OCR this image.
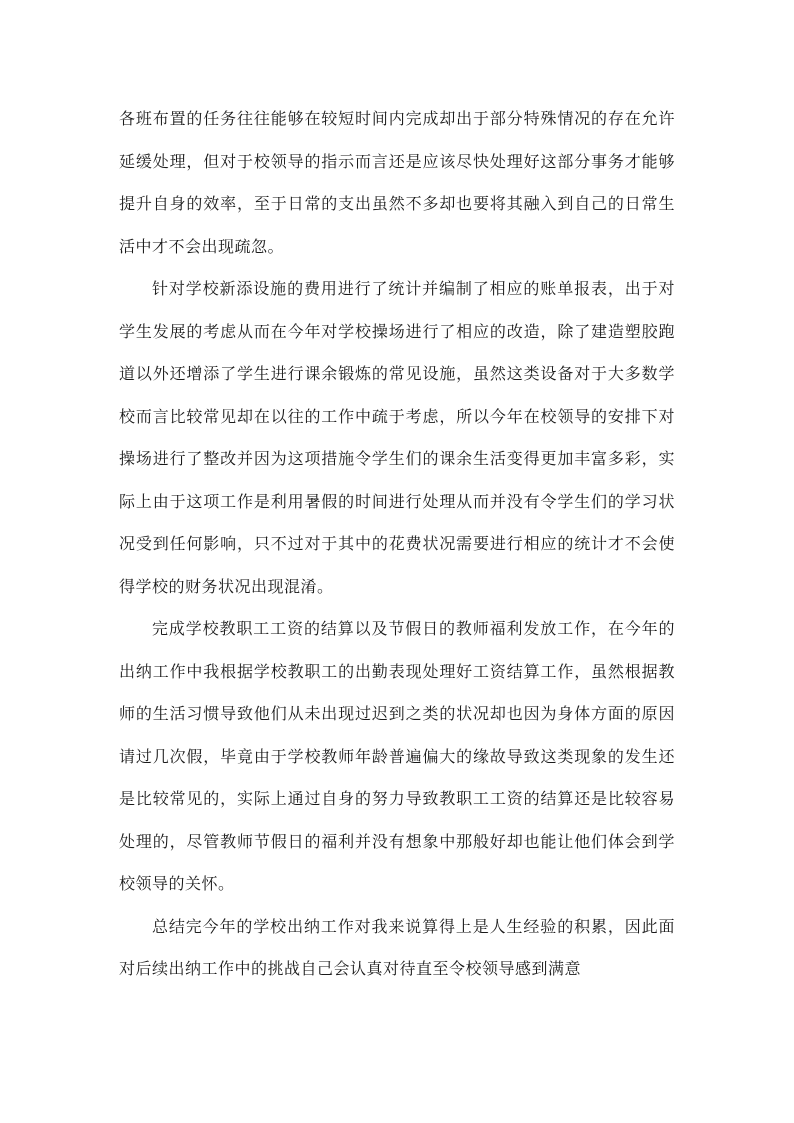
各班布置的任务往往能够在较短时间内完成却出于部分特殊情况的存在允许延缓处理，但对于校领导的指示而言还是应该尽快处理好这部分事务才能够提升自身的效率，至于日常的支出虽然不多却也要将其融入到自己的日常生活中才不会出现疏忽。

针对学校新添设施的费用进行了统计并编制了相应的账单报表，出于对学生发展的考虑从而在今年对学校操场进行了相应的改造，除了建造塑胶跑道以外还增添了学生进行课余锻炼的常见设施，虽然这类设备对于大多数学校而言比较常见却在以往的工作中疏于考虑，所以今年在校领导的安排下对操场进行了整改并因为这项措施令学生们的课余生活变得更加丰富多彩，实际上由于这项工作是利用暑假的时间进行处理从而并没有令学生们的学习状况受到任何影响，只不过对于其中的花费状况需要进行相应的统计才不会使得学校的财务状况出现混淆。

完成学校教职工工资的结算以及节假日的教师福利发放工作，在今年的出纳工作中我根据学校教职工的出勤表现处理好工资结算工作，虽然根据教师的生活习惯导致他们从未出现过迟到之类的状况却也因为身体方面的原因请过几次假，毕竟由于学校教师年龄普遍偏大的缘故导致这类现象的发生还是比较常见的，实际上通过自身的努力导致教职工工资的结算还是比较容易处理的，尽管教师节假日的福利并没有想象中那般好却也能让他们体会到学校领导的关怀。

总结完今年的学校出纳工作对我来说算得上是人生经验的积累，因此面对后续出纳工作中的挑战自己会认真对待直至令校领导感到满意
